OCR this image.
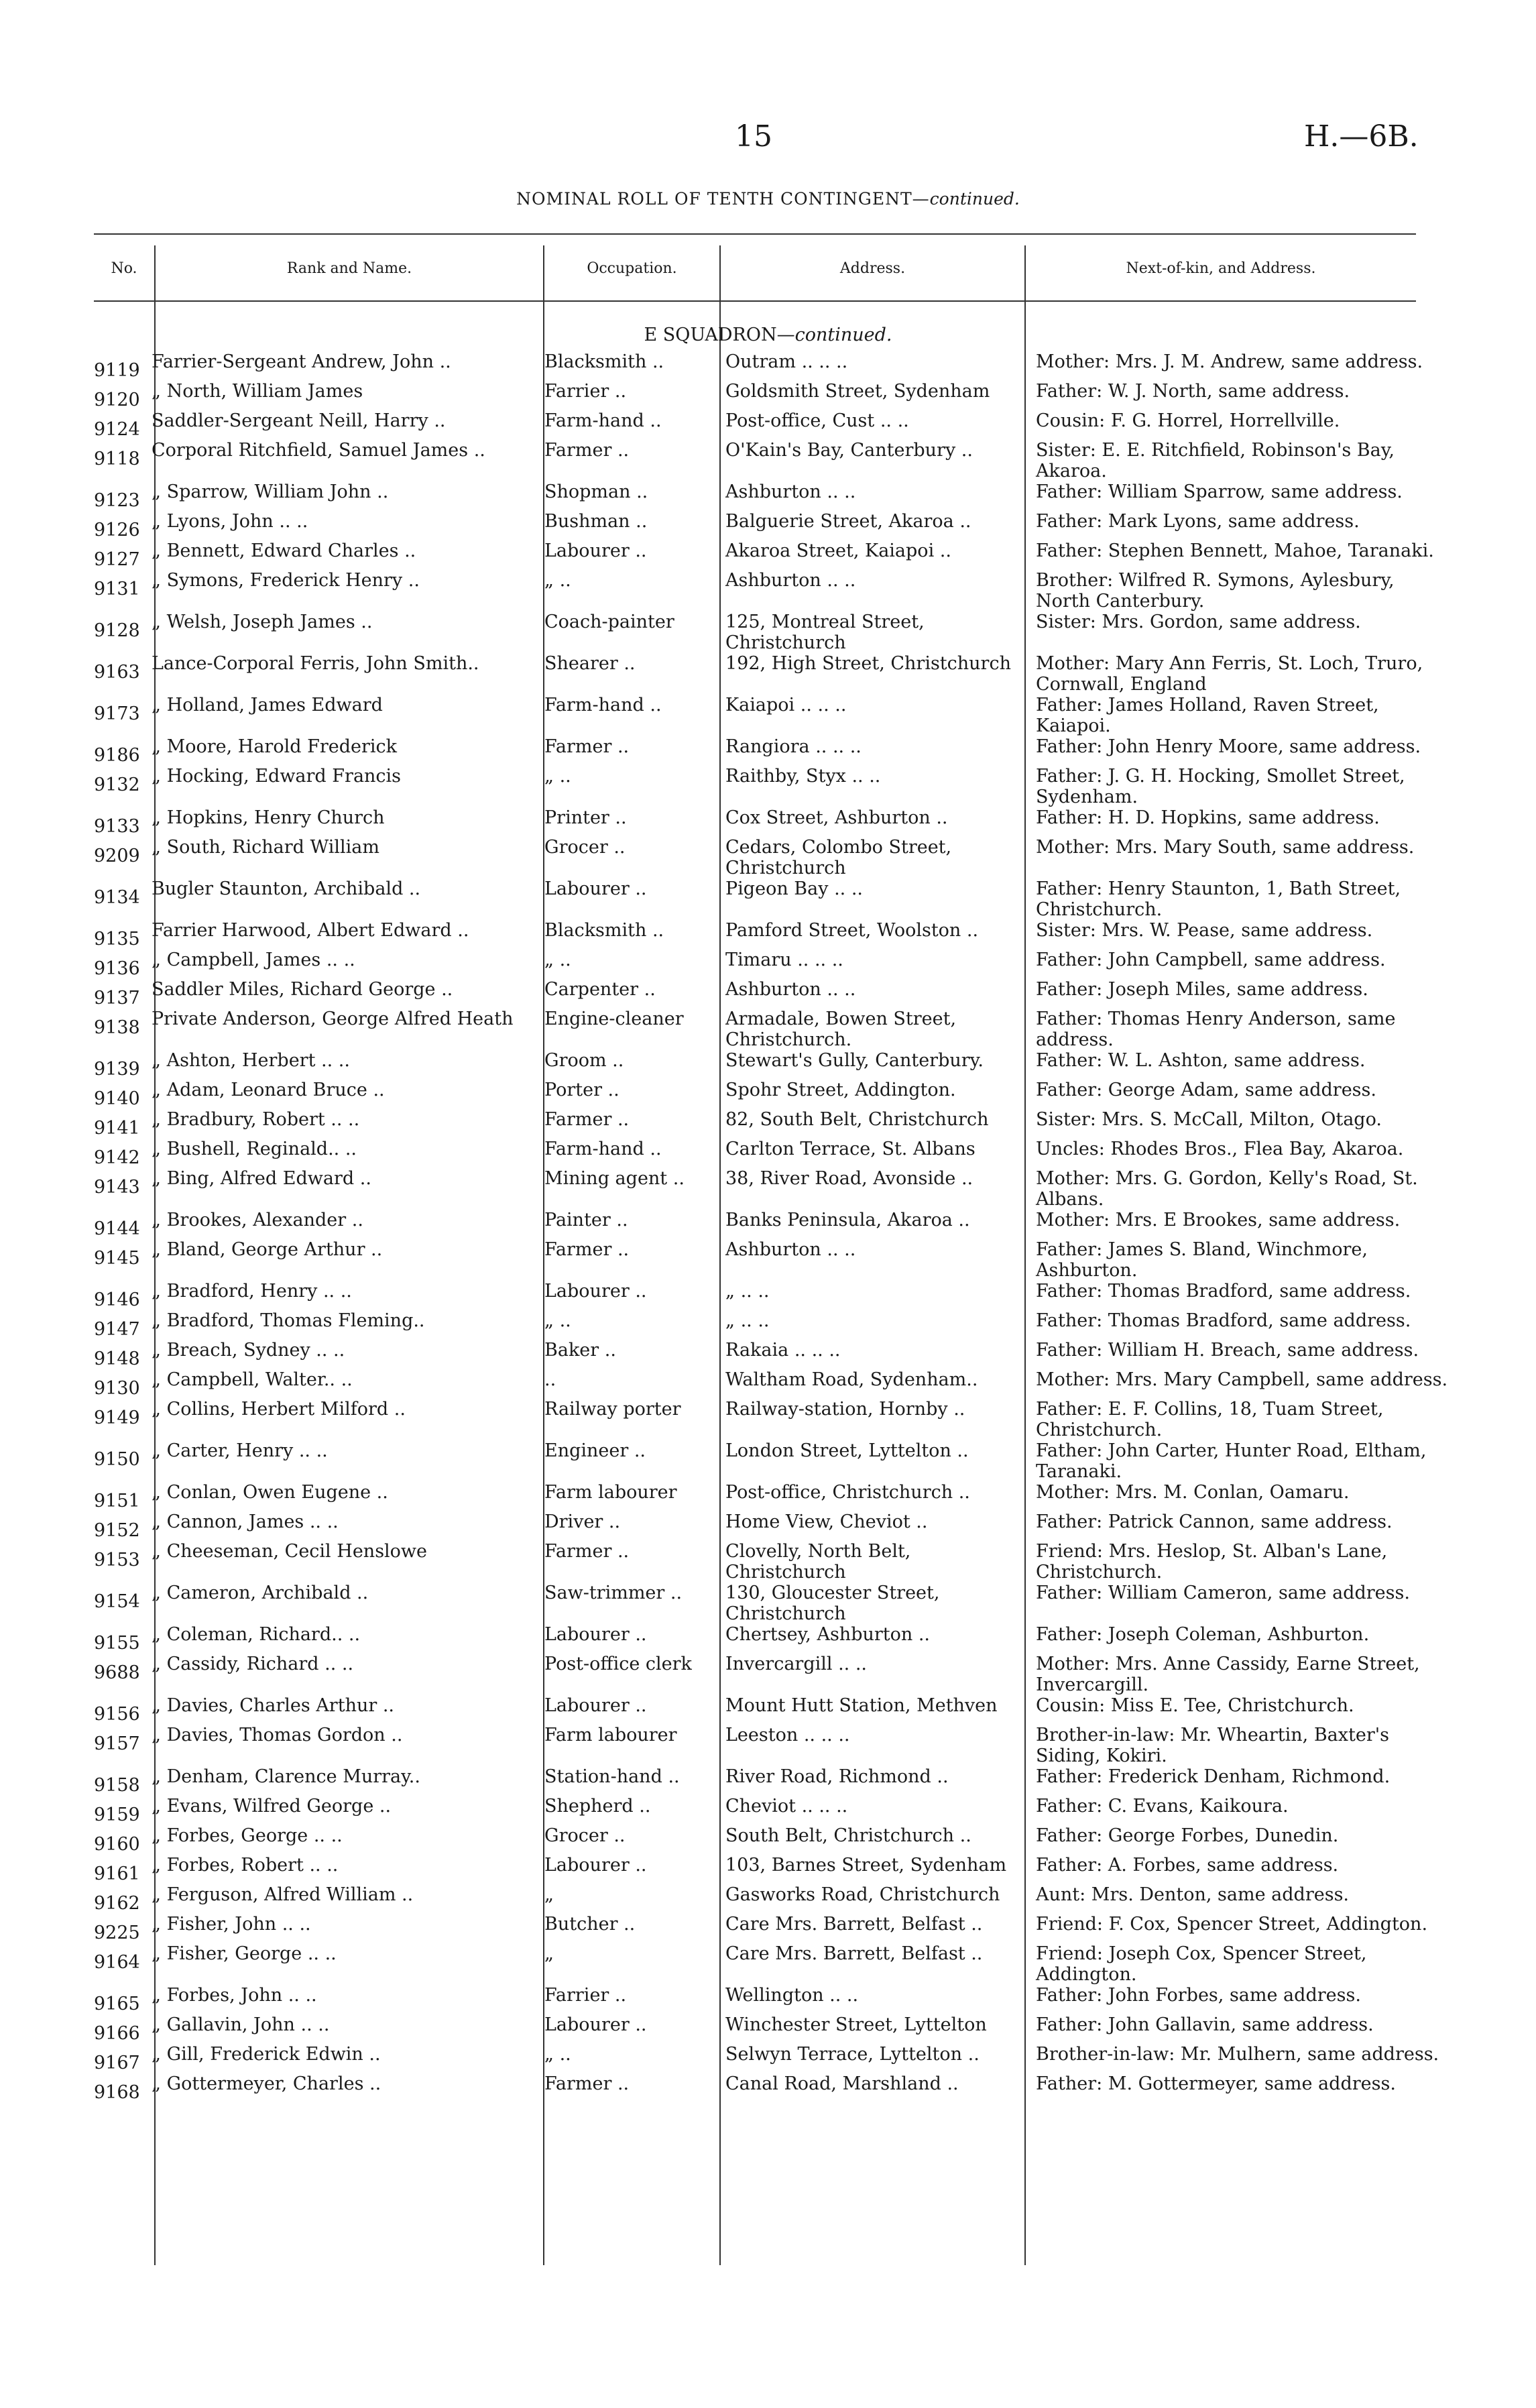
15	H.—6B.
NOMINAL ROLL OF TENTH CONTINGENT—continued.
No.	Rank and Name.	Occupation.	Address.	Next-of-kin, and Address.
E SQUADRON—continued.
9119	Farrier-Sergeant Andrew, John ..	Blacksmith ..	Outram .. .. ..	Mother: Mrs. J. M. Andrew, same address.
9120	„ North, William James	Farrier ..	Goldsmith Street, Sydenham	Father: W. J. North, same address.
9124	Saddler-Sergeant Neill, Harry ..	Farm-hand ..	Post-office, Cust .. ..	Cousin: F. G. Horrel, Horrellville.
9118	Corporal Ritchfield, Samuel James ..	Farmer ..	O'Kain's Bay, Canterbury ..	Sister: E. E. Ritchfield, Robinson's Bay, Akaroa.
9123	„ Sparrow, William John ..	Shopman ..	Ashburton .. ..	Father: William Sparrow, same address.
9126	„ Lyons, John .. ..	Bushman ..	Balguerie Street, Akaroa ..	Father: Mark Lyons, same address.
9127	„ Bennett, Edward Charles ..	Labourer ..	Akaroa Street, Kaiapoi ..	Father: Stephen Bennett, Mahoe, Taranaki.
9131	„ Symons, Frederick Henry ..	„ ..	Ashburton .. ..	Brother: Wilfred R. Symons, Aylesbury, North Canterbury.
9128	„ Welsh, Joseph James ..	Coach-painter	125, Montreal Street, Christchurch	Sister: Mrs. Gordon, same address.
9163	Lance-Corporal Ferris, John Smith..	Shearer ..	192, High Street, Christchurch	Mother: Mary Ann Ferris, St. Loch, Truro, Cornwall, England
9173	„ Holland, James Edward	Farm-hand ..	Kaiapoi .. .. ..	Father: James Holland, Raven Street, Kaiapoi.
9186	„ Moore, Harold Frederick	Farmer ..	Rangiora .. .. ..	Father: John Henry Moore, same address.
9132	„ Hocking, Edward Francis	„ ..	Raithby, Styx .. ..	Father: J. G. H. Hocking, Smollet Street, Sydenham.
9133	„ Hopkins, Henry Church	Printer ..	Cox Street, Ashburton ..	Father: H. D. Hopkins, same address.
9209	„ South, Richard William	Grocer ..	Cedars, Colombo Street, Christchurch	Mother: Mrs. Mary South, same address.
9134	Bugler Staunton, Archibald ..	Labourer ..	Pigeon Bay .. ..	Father: Henry Staunton, 1, Bath Street, Christchurch.
9135	Farrier Harwood, Albert Edward ..	Blacksmith ..	Pamford Street, Woolston ..	Sister: Mrs. W. Pease, same address.
9136	„ Campbell, James .. ..	„ ..	Timaru .. .. ..	Father: John Campbell, same address.
9137	Saddler Miles, Richard George ..	Carpenter ..	Ashburton .. ..	Father: Joseph Miles, same address.
9138	Private Anderson, George Alfred Heath	Engine-cleaner	Armadale, Bowen Street, Christchurch.	Father: Thomas Henry Anderson, same address.
9139	„ Ashton, Herbert .. ..	Groom ..	Stewart's Gully, Canterbury.	Father: W. L. Ashton, same address.
9140	„ Adam, Leonard Bruce ..	Porter ..	Spohr Street, Addington.	Father: George Adam, same address.
9141	„ Bradbury, Robert .. ..	Farmer ..	82, South Belt, Christchurch	Sister: Mrs. S. McCall, Milton, Otago.
9142	„ Bushell, Reginald.. ..	Farm-hand ..	Carlton Terrace, St. Albans	Uncles: Rhodes Bros., Flea Bay, Akaroa.
9143	„ Bing, Alfred Edward ..	Mining agent ..	38, River Road, Avonside ..	Mother: Mrs. G. Gordon, Kelly's Road, St. Albans.
9144	„ Brookes, Alexander ..	Painter ..	Banks Peninsula, Akaroa ..	Mother: Mrs. E Brookes, same address.
9145	„ Bland, George Arthur ..	Farmer ..	Ashburton .. ..	Father: James S. Bland, Winchmore, Ashburton.
9146	„ Bradford, Henry .. ..	Labourer ..	„ .. ..	Father: Thomas Bradford, same address.
9147	„ Bradford, Thomas Fleming..	„ ..	„ .. ..	Father: Thomas Bradford, same address.
9148	„ Breach, Sydney .. ..	Baker ..	Rakaia .. .. ..	Father: William H. Breach, same address.
9130	„ Campbell, Walter.. ..	..	Waltham Road, Sydenham..	Mother: Mrs. Mary Campbell, same address.
9149	„ Collins, Herbert Milford ..	Railway porter	Railway-station, Hornby ..	Father: E. F. Collins, 18, Tuam Street, Christchurch.
9150	„ Carter, Henry .. ..	Engineer ..	London Street, Lyttelton ..	Father: John Carter, Hunter Road, Eltham, Taranaki.
9151	„ Conlan, Owen Eugene ..	Farm labourer	Post-office, Christchurch ..	Mother: Mrs. M. Conlan, Oamaru.
9152	„ Cannon, James .. ..	Driver ..	Home View, Cheviot ..	Father: Patrick Cannon, same address.
9153	„ Cheeseman, Cecil Henslowe	Farmer ..	Clovelly, North Belt, Christchurch	Friend: Mrs. Heslop, St. Alban's Lane, Christchurch.
9154	„ Cameron, Archibald ..	Saw-trimmer ..	130, Gloucester Street, Christchurch	Father: William Cameron, same address.
9155	„ Coleman, Richard.. ..	Labourer ..	Chertsey, Ashburton ..	Father: Joseph Coleman, Ashburton.
9688	„ Cassidy, Richard .. ..	Post-office clerk	Invercargill .. ..	Mother: Mrs. Anne Cassidy, Earne Street, Invercargill.
9156	„ Davies, Charles Arthur ..	Labourer ..	Mount Hutt Station, Methven	Cousin: Miss E. Tee, Christchurch.
9157	„ Davies, Thomas Gordon ..	Farm labourer	Leeston .. .. ..	Brother-in-law: Mr. Wheartin, Baxter's Siding, Kokiri.
9158	„ Denham, Clarence Murray..	Station-hand ..	River Road, Richmond ..	Father: Frederick Denham, Richmond.
9159	„ Evans, Wilfred George ..	Shepherd ..	Cheviot .. .. ..	Father: C. Evans, Kaikoura.
9160	„ Forbes, George .. ..	Grocer ..	South Belt, Christchurch ..	Father: George Forbes, Dunedin.
9161	„ Forbes, Robert .. ..	Labourer ..	103, Barnes Street, Sydenham	Father: A. Forbes, same address.
9162	„ Ferguson, Alfred William ..	„	Gasworks Road, Christchurch	Aunt: Mrs. Denton, same address.
9225	„ Fisher, John .. ..	Butcher ..	Care Mrs. Barrett, Belfast ..	Friend: F. Cox, Spencer Street, Addington.
9164	„ Fisher, George .. ..	„	Care Mrs. Barrett, Belfast ..	Friend: Joseph Cox, Spencer Street, Addington.
9165	„ Forbes, John .. ..	Farrier ..	Wellington .. ..	Father: John Forbes, same address.
9166	„ Gallavin, John .. ..	Labourer ..	Winchester Street, Lyttelton	Father: John Gallavin, same address.
9167	„ Gill, Frederick Edwin ..	„ ..	Selwyn Terrace, Lyttelton ..	Brother-in-law: Mr. Mulhern, same address.
9168	„ Gottermeyer, Charles ..	Farmer ..	Canal Road, Marshland ..	Father: M. Gottermeyer, same address.
